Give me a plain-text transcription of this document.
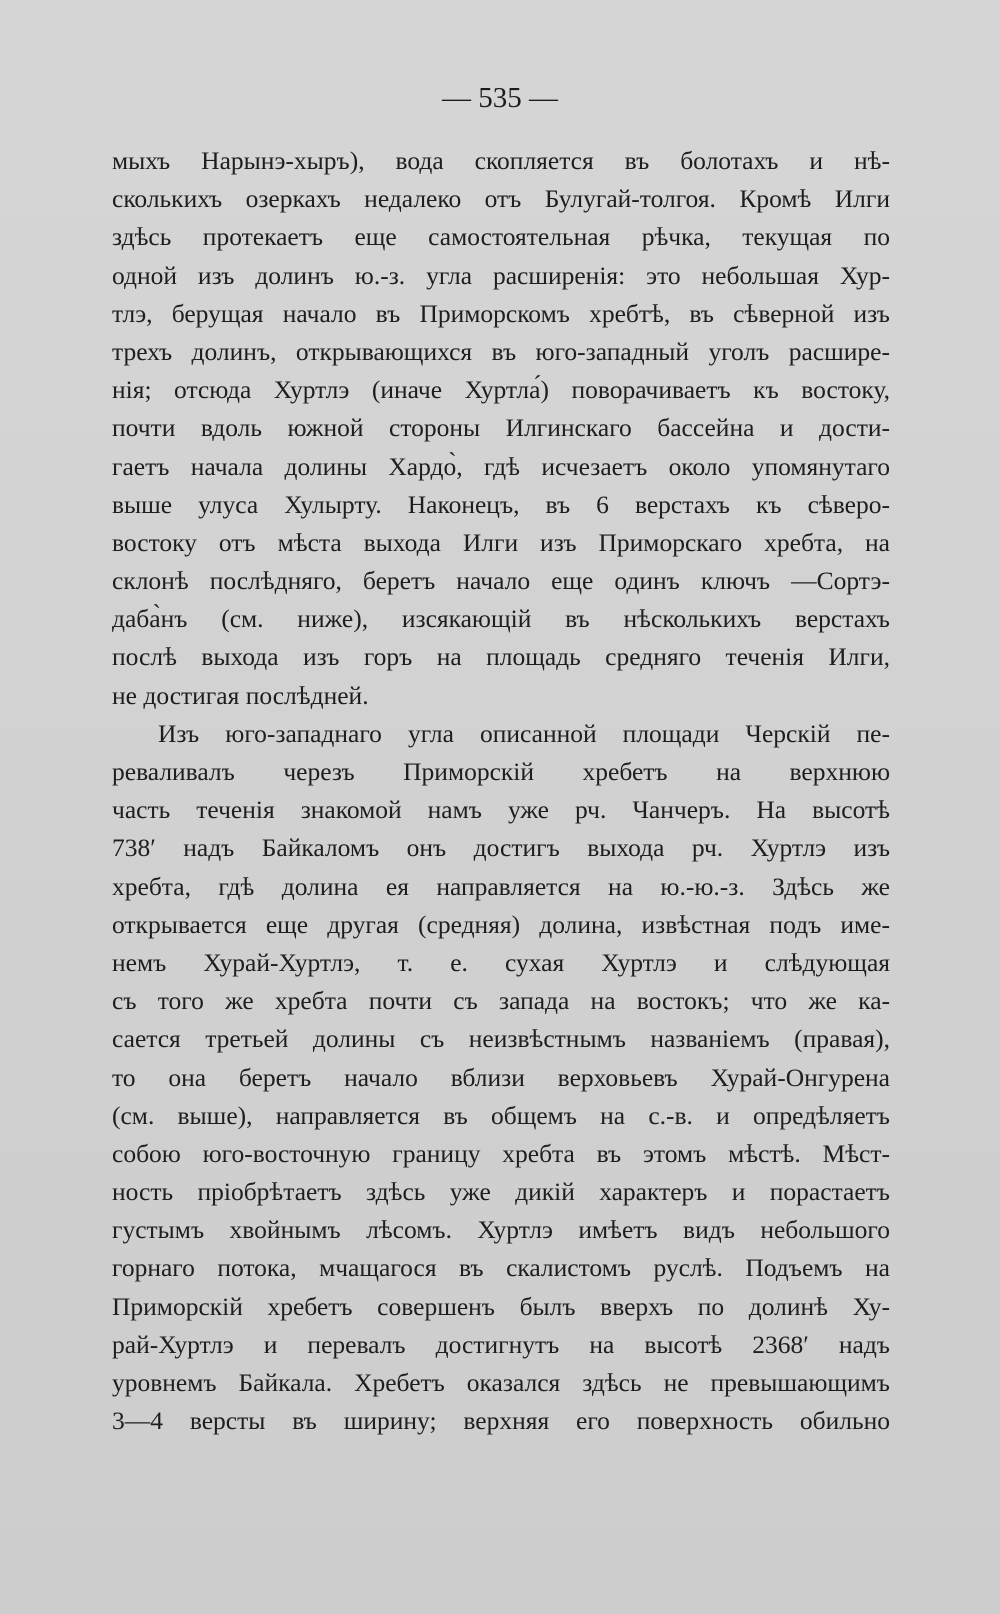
— 535 —
мыхъ Нарынэ-хыръ), вода скопляется въ болотахъ и нѣ-
сколькихъ озеркахъ недалеко отъ Булугай-толгоя. Кромѣ Илги
здѣсь протекаетъ еще самостоятельная рѣчка, текущая по
одной изъ долинъ ю.-з. угла расширенія: это небольшая Хур-
тлэ, берущая начало въ Приморскомъ хребтѣ, въ сѣверной изъ
трехъ долинъ, открывающихся въ юго-западный уголъ расшире-
нія; отсюда Хуртлэ (иначе Хуртла́) поворачиваетъ къ востоку,
почти вдоль южной стороны Илгинскаго бассейна и дости-
гаетъ начала долины Хардо̀, гдѣ исчезаетъ около упомянутаго
выше улуса Хулырту. Наконецъ, въ 6 верстахъ къ сѣверо-
востоку отъ мѣста выхода Илги изъ Приморскаго хребта, на
склонѣ послѣдняго, беретъ начало еще одинъ ключъ —Сортэ-
даба̀нъ (см. ниже), изсякающій въ нѣсколькихъ верстахъ
послѣ выхода изъ горъ на площадь средняго теченія Илги,
не достигая послѣдней.
Изъ юго-западнаго угла описанной площади Черскій пе-
реваливалъ черезъ Приморскій хребетъ на верхнюю
часть теченія знакомой намъ уже рч. Чанчеръ. На высотѣ
738′ надъ Байкаломъ онъ достигъ выхода рч. Хуртлэ изъ
хребта, гдѣ долина ея направляется на ю.-ю.-з. Здѣсь же
открывается еще другая (средняя) долина, извѣстная подъ име-
немъ Хурай-Хуртлэ, т. е. сухая Хуртлэ и слѣдующая
съ того же хребта почти съ запада на востокъ; что же ка-
сается третьей долины съ неизвѣстнымъ названіемъ (правая),
то она беретъ начало вблизи верховьевъ Хурай-Онгурена
(см. выше), направляется въ общемъ на с.-в. и опредѣляетъ
собою юго-восточную границу хребта въ этомъ мѣстѣ. Мѣст-
ность пріобрѣтаетъ здѣсь уже дикій характеръ и порастаетъ
густымъ хвойнымъ лѣсомъ. Хуртлэ имѣетъ видъ небольшого
горнаго потока, мчащагося въ скалистомъ руслѣ. Подъемъ на
Приморскій хребетъ совершенъ былъ вверхъ по долинѣ Ху-
рай-Хуртлэ и перевалъ достигнутъ на высотѣ 2368′ надъ
уровнемъ Байкала. Хребетъ оказался здѣсь не превышающимъ
3—4 версты въ ширину; верхняя его поверхность обильно
